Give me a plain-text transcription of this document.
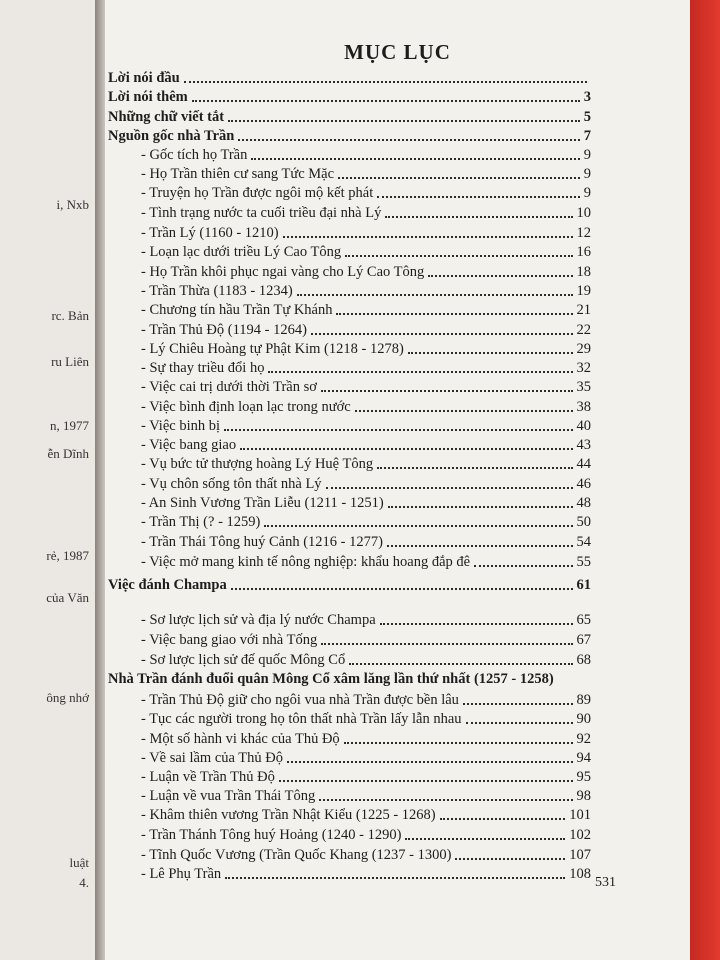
i, Nxb
rc. Bản
ru Liên
n, 1977
ễn Dĩnh
rẻ, 1987
của Văn
ông nhớ
luật
4.
MỤC LỤC
Lời nói đầu
Lời nói thêm	3
Những chữ viết tắt	5
Nguồn gốc nhà Trần	7
- Gốc tích họ Trần	9
- Họ Trần thiên cư sang Tức Mặc	9
- Truyện họ Trần được ngôi mộ kết phát	9
- Tình trạng nước ta cuối triều đại nhà Lý	10
- Trần Lý (1160 - 1210)	12
- Loạn lạc dưới triều Lý Cao Tông	16
- Họ Trần khôi phục ngai vàng cho Lý Cao Tông	18
- Trần Thừa (1183 - 1234)	19
- Chương tín hầu Trần Tự Khánh	21
- Trần Thủ Độ (1194 - 1264)	22
- Lý Chiêu Hoàng tự Phật Kim (1218 - 1278)	29
- Sự thay triều đổi họ	32
- Việc cai trị dưới thời Trần sơ	35
- Việc bình định loạn lạc trong nước	38
- Việc binh bị	40
- Việc bang giao	43
- Vụ bức tử thượng hoàng Lý Huệ Tông	44
- Vụ chôn sống tôn thất nhà Lý	46
- An Sinh Vương Trần Liễu (1211 - 1251)	48
- Trần Thị (? - 1259)	50
- Trần Thái Tông huý Cảnh (1216 - 1277)	54
- Việc mở mang kinh tế nông nghiệp: khẩu hoang đắp đê	55
Việc đánh Champa	61
- Sơ lược lịch sử và địa lý nước Champa	65
- Việc bang giao với nhà Tống	67
- Sơ lược lịch sử đế quốc Mông Cổ	68
Nhà Trần đánh đuổi quân Mông Cổ xâm lăng lần thứ nhất (1257 - 1258)
- Trần Thủ Độ giữ cho ngôi vua nhà Trần được bền lâu	89
- Tục các người trong họ tôn thất nhà Trần lấy lẫn nhau	90
- Một số hành vi khác của Thủ Độ	92
- Về sai lầm của Thủ Độ	94
- Luận về Trần Thủ Độ	95
- Luận về vua Trần Thái Tông	98
- Khâm thiên vương Trần Nhật Kiểu (1225 - 1268)	101
- Trần Thánh Tông huý Hoảng (1240 - 1290)	102
- Tĩnh Quốc Vương (Trần Quốc Khang (1237 - 1300)	107
- Lê Phụ Trần	108
531
